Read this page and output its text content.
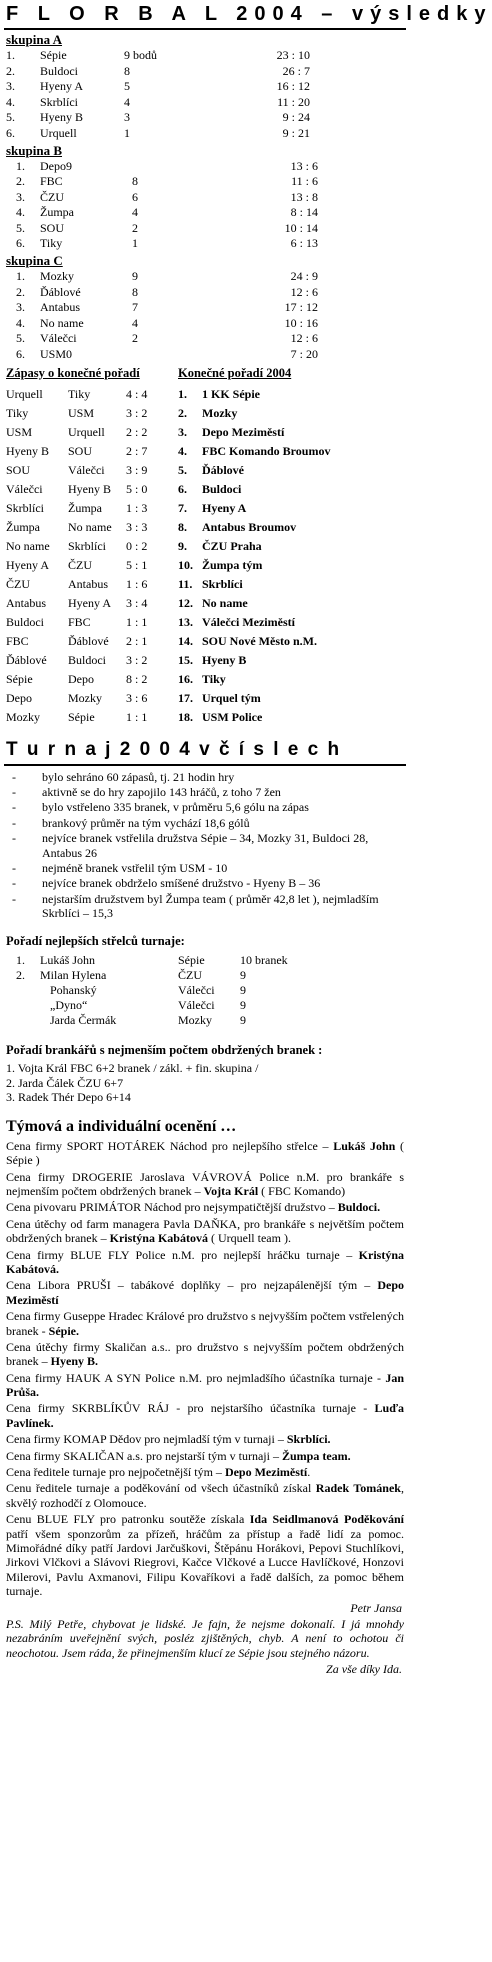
F L O R B A L 2004 – výsledky
skupina A
1.	Sépie	9 bodů	23 : 10
2.	Buldoci	8	26 : 7
3.	Hyeny A	5	16 : 12
4.	Skrblíci	4	11 : 20
5.	Hyeny B	3	9 : 24
6.	Urquell	1	9 : 21
skupina B
1.	Depo9		13 : 6
2.	FBC	8	11 : 6
3.	ČZU	6	13 : 8
4.	Žumpa	4	8 : 14
5.	SOU	2	10 : 14
6.	Tiky	1	6 : 13
skupina C
1.	Mozky	9	24 : 9
2.	Ďáblové	8	12 : 6
3.	Antabus	7	17 : 12
4.	No name	4	10 : 16
5.	Válečci	2	12 : 6
6.	USM0		7 : 20
Zápasy o konečné pořadí
Urquell	Tiky	4 : 4
Tiky	USM	3 : 2
USM	Urquell	2 : 2
Hyeny B	SOU	2 : 7
SOU	Válečci	3 : 9
Válečci	Hyeny B	5 : 0
Skrblíci	Žumpa	1 : 3
Žumpa	No name	3 : 3
No name	Skrblíci	0 : 2
Hyeny A	ČZU	5 : 1
ČZU	Antabus	1 : 6
Antabus	Hyeny A	3 : 4
Buldoci	FBC	1 : 1
FBC	Ďáblové	2 : 1
Ďáblové	Buldoci	3 : 2
Sépie	Depo	8 : 2
Depo	Mozky	3 : 6
Mozky	Sépie	1 : 1
Konečné pořadí 2004
1.	1 KK Sépie
2.	Mozky
3.	Depo Meziměstí
4.	FBC Komando Broumov
5.	Ďáblové
6.	Buldoci
7.	Hyeny A
8.	Antabus Broumov
9.	ČZU Praha
10.	Žumpa tým
11.	Skrblíci
12.	No name
13.	Válečci Meziměstí
14.	SOU Nové Město n.M.
15.	Hyeny B
16.	Tiky
17.	Urquel tým
18.	USM Police
T u r n a j 2 0 0 4 v č í s l e c h
-	bylo sehráno 60 zápasů, tj. 21 hodin hry
-	aktivně se do hry zapojilo 143 hráčů, z toho 7 žen
-	bylo vstřeleno 335 branek, v průměru 5,6 gólu na zápas
-	brankový průměr na tým vychází 18,6 gólů
-	nejvíce branek vstřelila družstva Sépie – 34, Mozky 31, Buldoci 28, Antabus 26
-	nejméně branek vstřelil tým USM - 10
-	nejvíce branek obdrželo smíšené družstvo - Hyeny B – 36
-	nejstarším družstvem byl Žumpa team ( průměr 42,8 let ), nejmladším Skrblíci – 15,3
Pořadí nejlepších střelců turnaje:
1.	Lukáš John	Sépie	10 branek
2.	Milan Hylena	ČZU	9
	Pohanský	Válečci	9
	„Dyno“	Válečci	9
	Jarda Čermák	Mozky	9
Pořadí brankářů s nejmenším počtem obdržených branek :
1. Vojta Král FBC 6+2 branek / zákl. + fin. skupina /
2. Jarda Čálek ČZU 6+7
3. Radek Thér Depo 6+14
Týmová a individuální ocenění …

Cena firmy SPORT HOTÁREK Náchod pro nejlepšího střelce – Lukáš John ( Sépie )

Cena firmy DROGERIE Jaroslava VÁVROVÁ Police n.M. pro brankáře s nejmenším počtem obdržených branek – Vojta Král ( FBC Komando)

Cena pivovaru PRIMÁTOR Náchod pro nejsympatičtější družstvo – Buldoci.

Cena útěchy od farm managera Pavla DAŇKA, pro brankáře s největším počtem obdržených branek – Kristýna Kabátová ( Urquell team ).

Cena firmy BLUE FLY Police n.M. pro nejlepší hráčku turnaje – Kristýna Kabátová.

Cena Libora PRUŠI – tabákové doplňky – pro nejzapálenější tým – Depo Meziměstí

Cena firmy Guseppe Hradec Králové pro družstvo s nejvyšším počtem vstřelených branek - Sépie.

Cena útěchy firmy Skaličan a.s.. pro družstvo s nejvyšším počtem obdržených branek – Hyeny B.

Cena firmy HAUK A SYN Police n.M. pro nejmladšího účastníka turnaje - Jan Průša.

Cena firmy SKRBLÍKŮV RÁJ - pro nejstaršího účastníka turnaje - Luďa Pavlínek.

Cena firmy KOMAP Dědov pro nejmladší tým v turnaji – Skrblíci.

Cena firmy SKALIČAN a.s. pro nejstarší tým v turnaji – Žumpa team.

Cena ředitele turnaje pro nejpočetnější tým – Depo Meziměstí.

Cenu ředitele turnaje a poděkování od všech účastníků získal Radek Tománek, skvělý rozhodčí z Olomouce.

Cenu BLUE FLY pro patronku soutěže získala Ida Seidlmanová Poděkování patří všem sponzorům za přízeň, hráčům za přístup a řadě lidí za pomoc. Mimořádné díky patří Jardovi Jarčuškovi, Štěpánu Horákovi, Pepovi Stuchlíkovi, Jirkovi Vlčkovi a Slávovi Riegrovi, Kačce Vlčkové a Lucce Havlíčkové, Honzovi Milerovi, Pavlu Axmanovi, Filipu Kovaříkovi a řadě dalších, za pomoc během turnaje.

Petr Jansa
P.S. Milý Petře, chybovat je lidské. Je fajn, že nejsme dokonalí. I já mnohdy nezabráním uveřejnění svých, posléz zjištěných, chyb. A není to ochotou či neochotou. Jsem ráda, že přinejmenším klucí ze Sépie jsou stejného názoru.
Za vše díky Ida.
